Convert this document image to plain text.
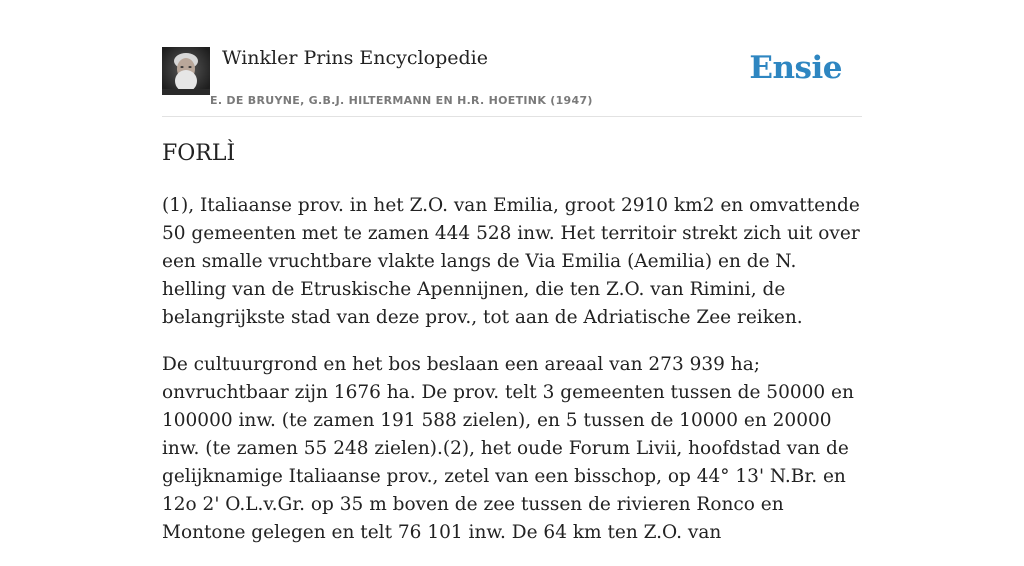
Winkler Prins Encyclopedie
E. DE BRUYNE, G.B.J. HILTERMANN EN H.R. HOETINK (1947)
Ensie
FORLÌ

(1), Italiaanse prov. in het Z.O. van Emilia, groot 2910 km2 en omvattende 50 gemeenten met te zamen 444 528 inw. Het territoir strekt zich uit over een smalle vruchtbare vlakte langs de Via Emilia (Aemilia) en de N. helling van de Etruskische Apennijnen, die ten Z.O. van Rimini, de belangrijkste stad van deze prov., tot aan de Adriatische Zee reiken.

De cultuurgrond en het bos beslaan een areaal van 273 939 ha; onvruchtbaar zijn 1676 ha. De prov. telt 3 gemeenten tussen de 50000 en 100000 inw. (te zamen 191 588 zielen), en 5 tussen de 10000 en 20000 inw. (te zamen 55 248 zielen).(2), het oude Forum Livii, hoofdstad van de gelijknamige Italiaanse prov., zetel van een bisschop, op 44° 13' N.Br. en 12o 2' O.L.v.Gr. op 35 m boven de zee tussen de rivieren Ronco en Montone gelegen en telt 76 101 inw. De 64 km ten Z.O. van
